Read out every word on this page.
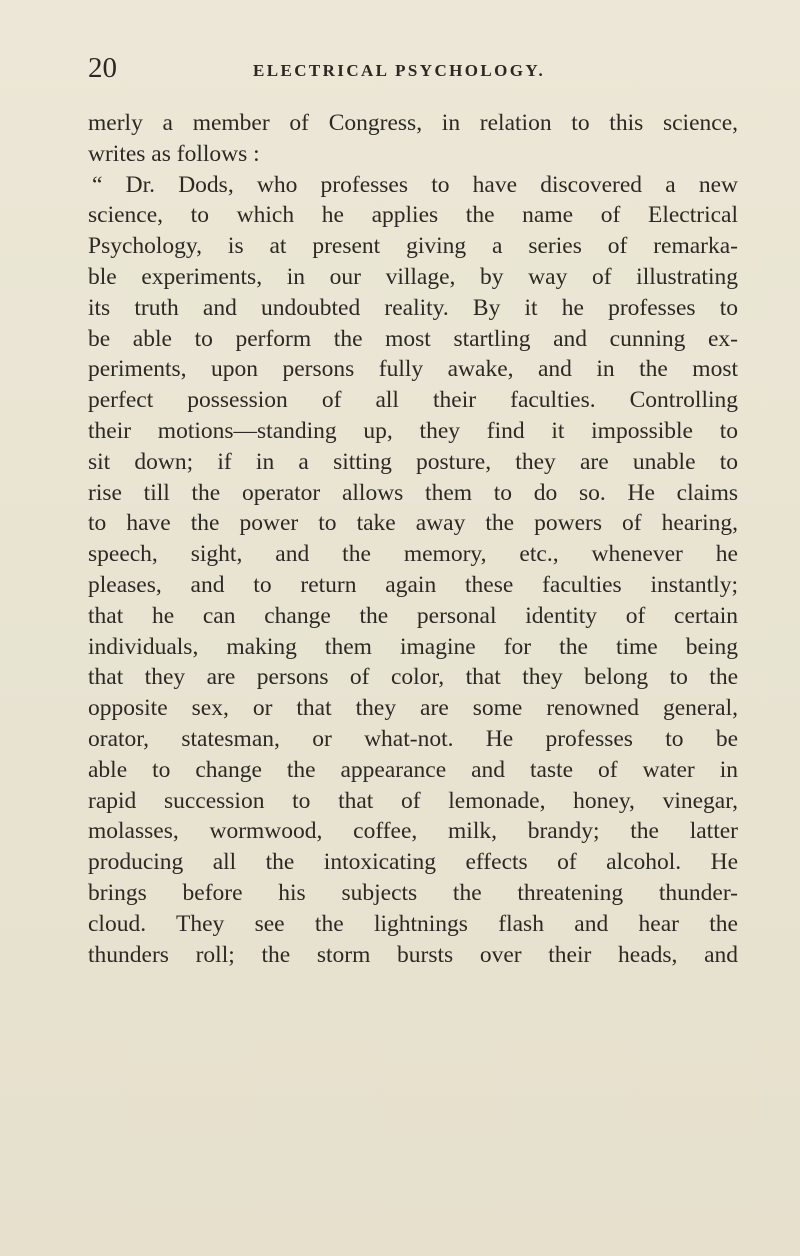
20	ELECTRICAL PSYCHOLOGY.
merly a member of Congress, in relation to this science,
writes as follows :
“ Dr. Dods, who professes to have discovered a new
science, to which he applies the name of Electrical
Psychology, is at present giving a series of remarka-
ble experiments, in our village, by way of illustrating
its truth and undoubted reality. By it he professes to
be able to perform the most startling and cunning ex-
periments, upon persons fully awake, and in the most
perfect possession of all their faculties. Controlling
their motions—standing up, they find it impossible to
sit down; if in a sitting posture, they are unable to
rise till the operator allows them to do so. He claims
to have the power to take away the powers of hearing,
speech, sight, and the memory, etc., whenever he
pleases, and to return again these faculties instantly;
that he can change the personal identity of certain
individuals, making them imagine for the time being
that they are persons of color, that they belong to the
opposite sex, or that they are some renowned general,
orator, statesman, or what-not. He professes to be
able to change the appearance and taste of water in
rapid succession to that of lemonade, honey, vinegar,
molasses, wormwood, coffee, milk, brandy; the latter
producing all the intoxicating effects of alcohol. He
brings before his subjects the threatening thunder-
cloud. They see the lightnings flash and hear the
thunders roll; the storm bursts over their heads, and
